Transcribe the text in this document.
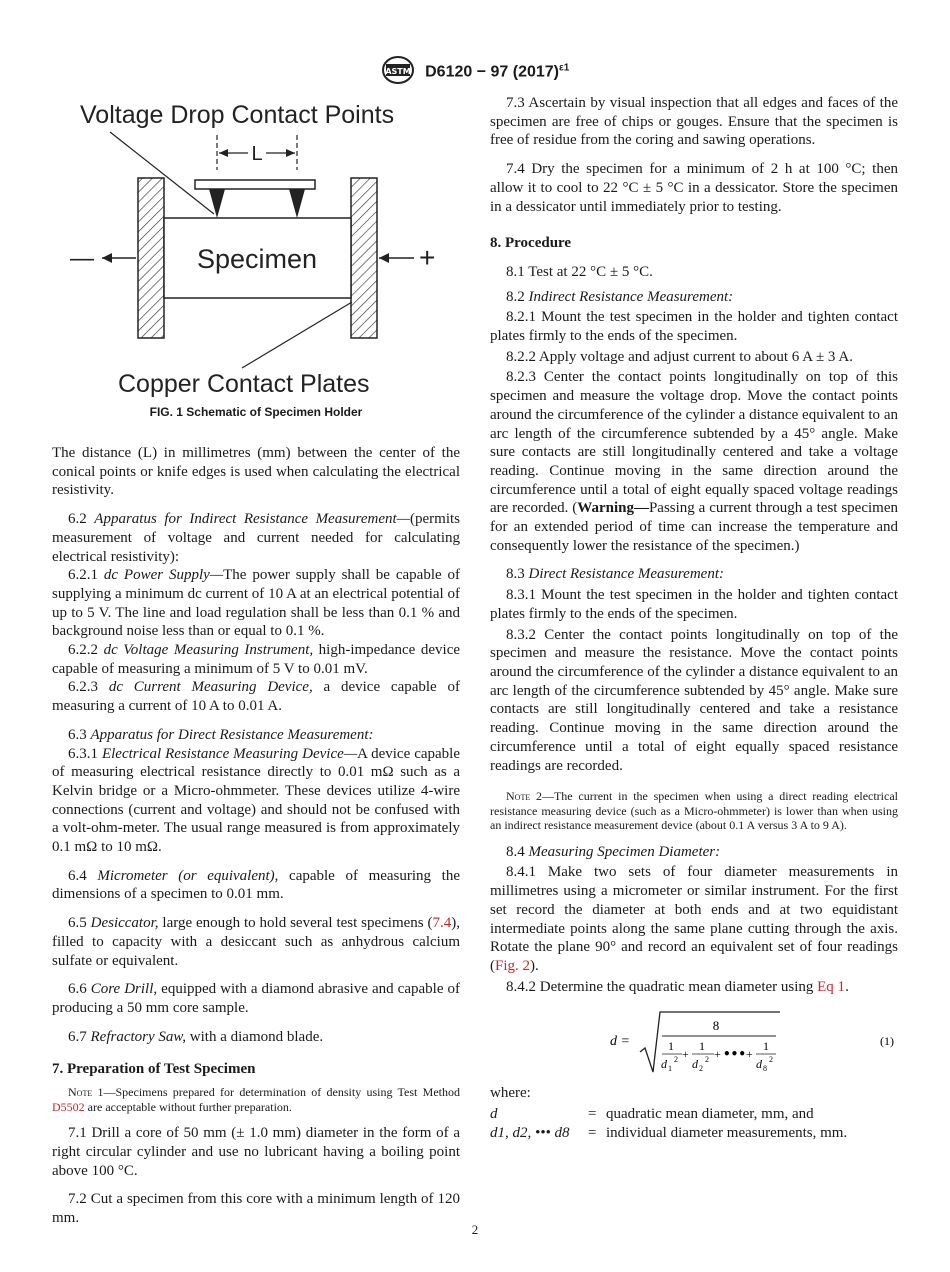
ASTM D6120 − 97 $(2017)^{\varepsilon 1}$
Voltage Drop Contact Points
L
Specimen
—	+
Copper Contact Plates
FIG. 1 Schematic of Specimen Holder

The distance (L) in millimetres (mm) between the center of the conical points or knife edges is used when calculating the electrical resistivity.

6.2 Apparatus for Indirect Resistance Measurement—(permits measurement of voltage and current needed for calculating electrical resistivity):

6.2.1 dc Power Supply—The power supply shall be capable of supplying a minimum dc current of 10 A at an electrical potential of up to 5 V. The line and load regulation shall be less than 0.1 % and background noise less than or equal to 0.1 %.

6.2.2 dc Voltage Measuring Instrument, high-impedance device capable of measuring a minimum of 5 V to 0.01 mV.

6.2.3 dc Current Measuring Device, a device capable of measuring a current of 10 A to 0.01 A.

6.3 Apparatus for Direct Resistance Measurement:

6.3.1 Electrical Resistance Measuring Device—A device capable of measuring electrical resistance directly to 0.01 mΩ such as a Kelvin bridge or a Micro-ohmmeter. These devices utilize 4-wire connections (current and voltage) and should not be confused with a volt-ohm-meter. The usual range measured is from approximately 0.1 mΩ to 10 mΩ.

6.4 Micrometer (or equivalent), capable of measuring the dimensions of a specimen to 0.01 mm.

6.5 Desiccator, large enough to hold several test specimens (7.4), filled to capacity with a desiccant such as anhydrous calcium sulfate or equivalent.

6.6 Core Drill, equipped with a diamond abrasive and capable of producing a 50 mm core sample.

6.7 Refractory Saw, with a diamond blade.

7. Preparation of Test Specimen

Note 1—Specimens prepared for determination of density using Test Method D5502 are acceptable without further preparation.

7.1 Drill a core of 50 mm (± 1.0 mm) diameter in the form of a right circular cylinder and use no lubricant having a boiling point above 100 °C.

7.2 Cut a specimen from this core with a minimum length of 120 mm.

7.3 Ascertain by visual inspection that all edges and faces of the specimen are free of chips or gouges. Ensure that the specimen is free of residue from the coring and sawing operations.

7.4 Dry the specimen for a minimum of 2 h at 100 °C; then allow it to cool to 22 °C ± 5 °C in a dessicator. Store the specimen in a dessicator until immediately prior to testing.

8. Procedure

8.1 Test at 22 °C ± 5 °C.

8.2 Indirect Resistance Measurement:

8.2.1 Mount the test specimen in the holder and tighten contact plates firmly to the ends of the specimen.

8.2.2 Apply voltage and adjust current to about 6 A ± 3 A.

8.2.3 Center the contact points longitudinally on top of this specimen and measure the voltage drop. Move the contact points around the circumference of the cylinder a distance equivalent to an arc length of the circumference subtended by a 45° angle. Make sure contacts are still longitudinally centered and take a voltage reading. Continue moving in the same direction around the circumference until a total of eight equally spaced voltage readings are recorded. (Warning—Passing a current through a test specimen for an extended period of time can increase the temperature and consequently lower the resistance of the specimen.)

8.3 Direct Resistance Measurement:

8.3.1 Mount the test specimen in the holder and tighten contact plates firmly to the ends of the specimen.

8.3.2 Center the contact points longitudinally on top of the specimen and measure the resistance. Move the contact points around the circumference of the cylinder a distance equivalent to an arc length of the circumference subtended by 45° angle. Make sure contacts are still longitudinally centered and take a resistance reading. Continue moving in the same direction around the circumference until a total of eight equally spaced resistance readings are recorded.

Note 2—The current in the specimen when using a direct reading electrical resistance measuring device (such as a Micro-ohmmeter) is lower than when using an indirect resistance measurement device (about 0.1 A versus 3 A to 9 A).

8.4 Measuring Specimen Diameter:

8.4.1 Make two sets of four diameter measurements in millimetres using a micrometer or similar instrument. For the first set record the diameter at both ends and at two equidistant intermediate points along the same plane cutting through the axis. Rotate the plane 90° and record an equivalent set of four readings (Fig. 2).

8.4.2 Determine the quadratic mean diameter using Eq 1.

d =
8
1
d 1
2 +
1
d 2
2 + ••• +
1
d 8
2
(1)

where:

d	= quadratic mean diameter, mm, and
d1, d2, ••• d8	= individual diameter measurements, mm.
2
